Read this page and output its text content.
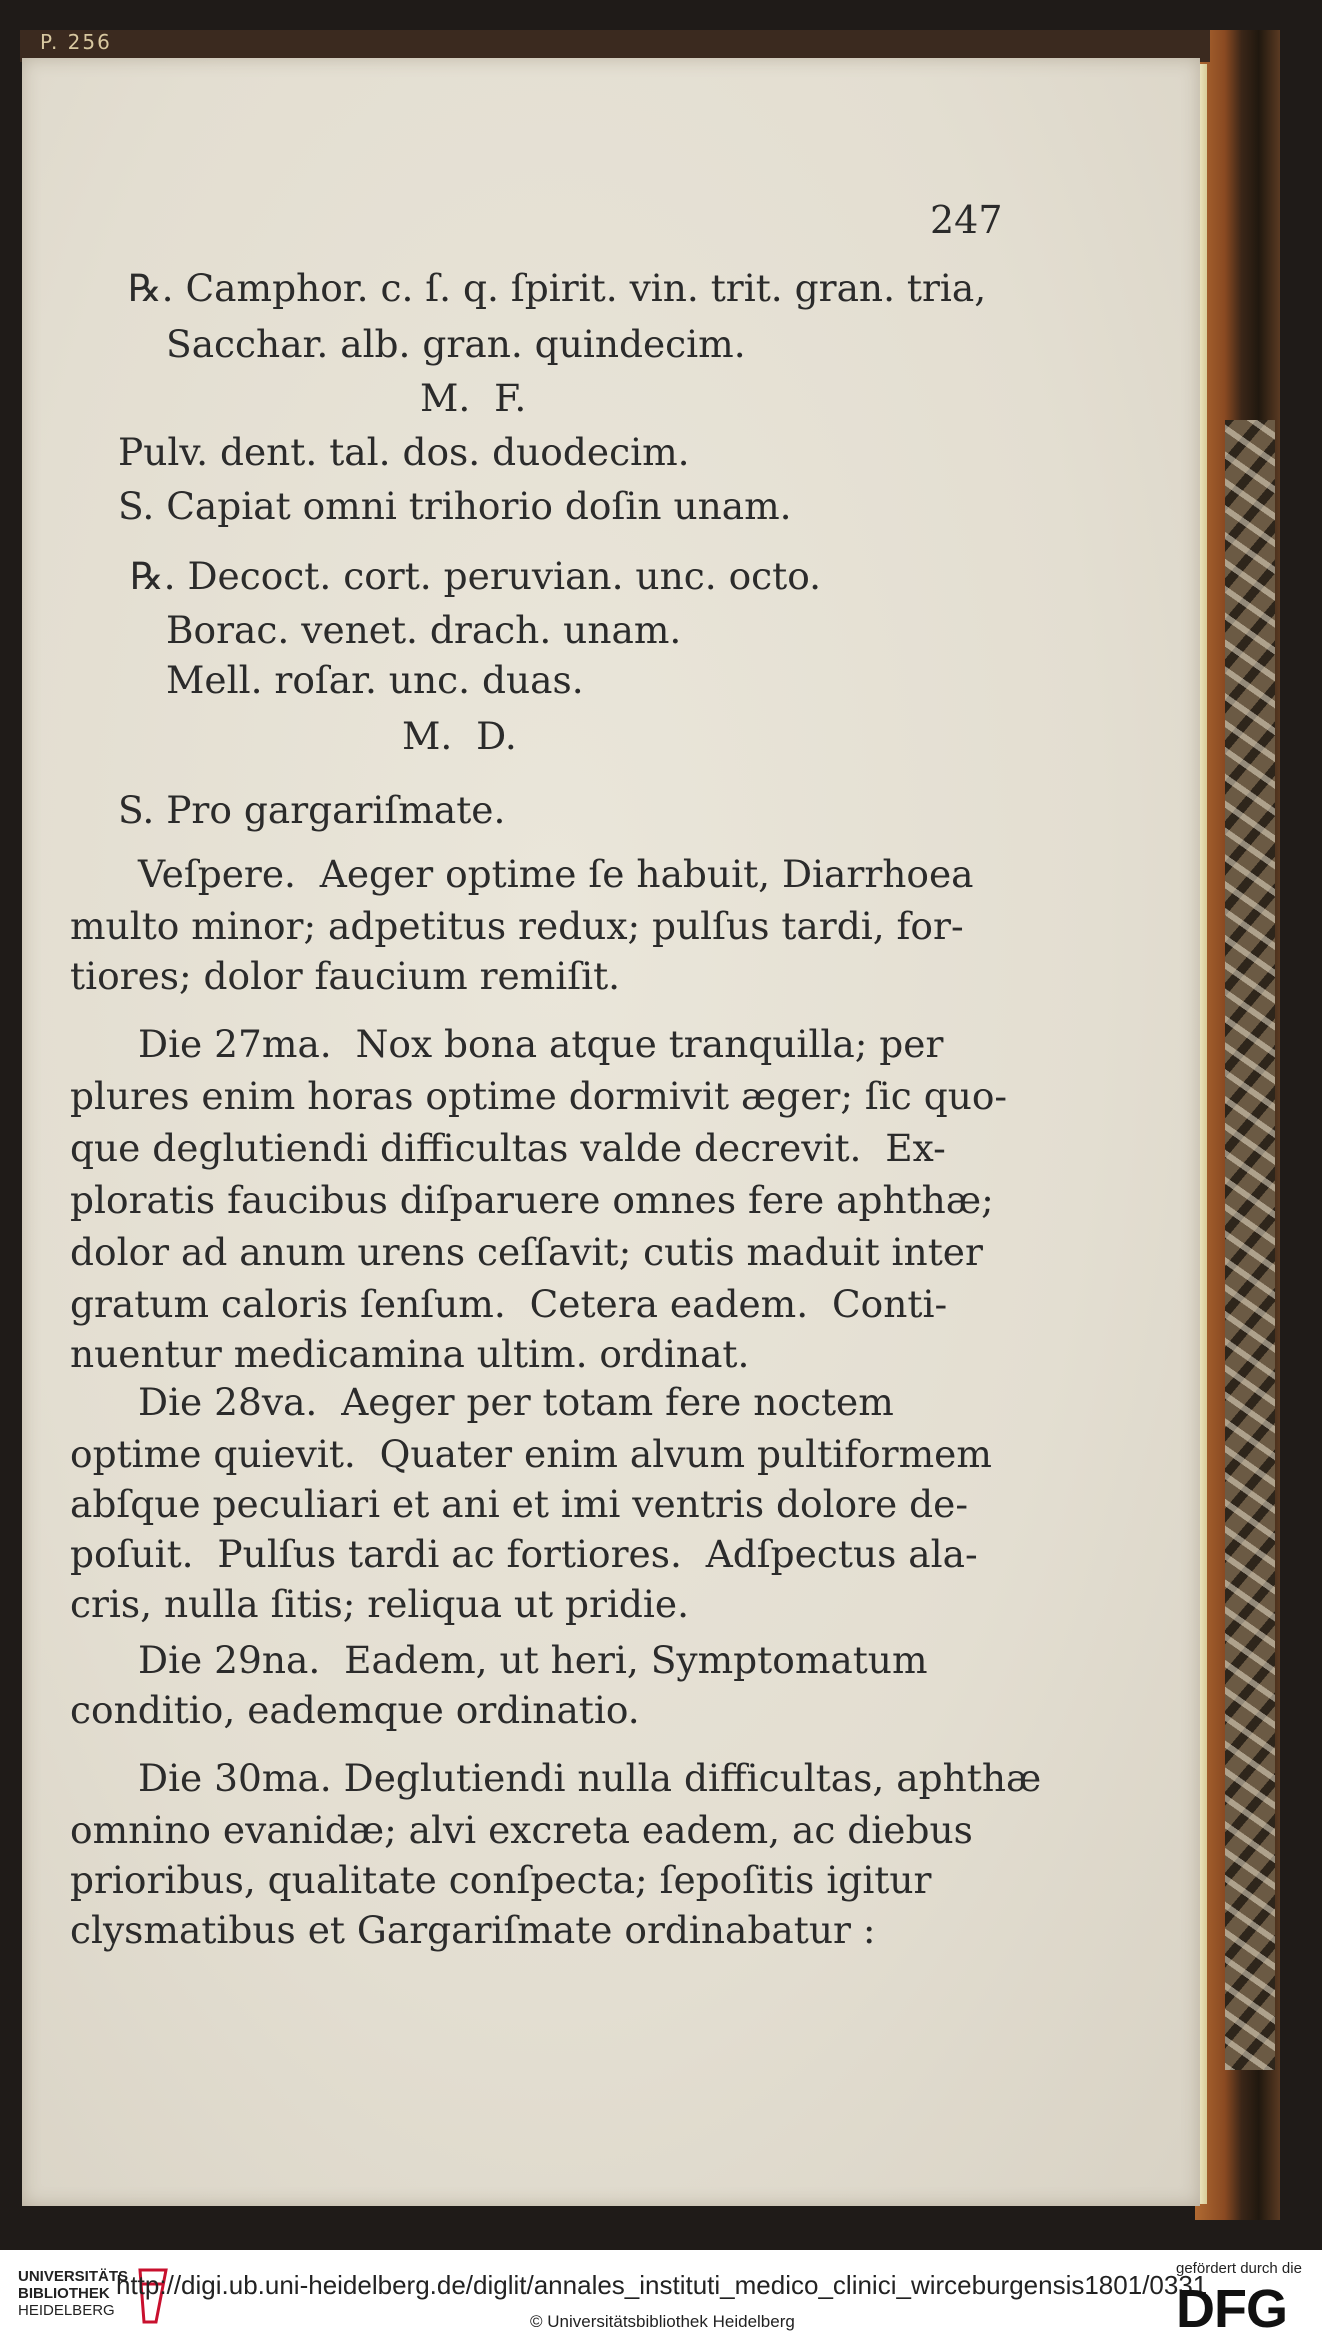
P. 256
247
℞. Camphor. c. ſ. q. ſpirit. vin. trit. gran. tria,
Sacchar. alb. gran. quindecim.
M.  F.
Pulv. dent. tal. dos. duodecim.
S. Capiat omni trihorio doſin unam.
℞. Decoct. cort. peruvian. unc. octo.
Borac. venet. drach. unam.
Mell. roſar. unc. duas.
M.  D.
S. Pro gargariſmate.
Veſpere.  Aeger optime ſe habuit, Diarrhoea
multo minor; adpetitus redux; pulſus tardi, for-
tiores; dolor faucium remiſit.
Die 27ma.  Nox bona atque tranquilla; per
plures enim horas optime dormivit æger; ſic quo-
que deglutiendi difficultas valde decrevit.  Ex-
ploratis faucibus diſparuere omnes fere aphthæ;
dolor ad anum urens ceſſavit; cutis maduit inter
gratum caloris ſenſum.  Cetera eadem.  Conti-
nuentur medicamina ultim. ordinat.
Die 28va.  Aeger per totam fere noctem
optime quievit.  Quater enim alvum pultiformem
abſque peculiari et ani et imi ventris dolore de-
poſuit.  Pulſus tardi ac fortiores.  Adſpectus ala-
cris, nulla ſitis; reliqua ut pridie.
Die 29na.  Eadem, ut heri, Symptomatum
conditio, eademque ordinatio.
Die 30ma. Deglutiendi nulla difficultas, aphthæ
omnino evanidæ; alvi excreta eadem, ac diebus
prioribus, qualitate conſpecta; ſepoſitis igitur
clysmatibus et Gargariſmate ordinabatur :
UNIVERSITÄTS
BIBLIOTHEK
HEIDELBERG
http://digi.ub.uni-heidelberg.de/diglit/annales_instituti_medico_clinici_wirceburgensis1801/0331
© Universitätsbibliothek Heidelberg
gefördert durch die
DFG
